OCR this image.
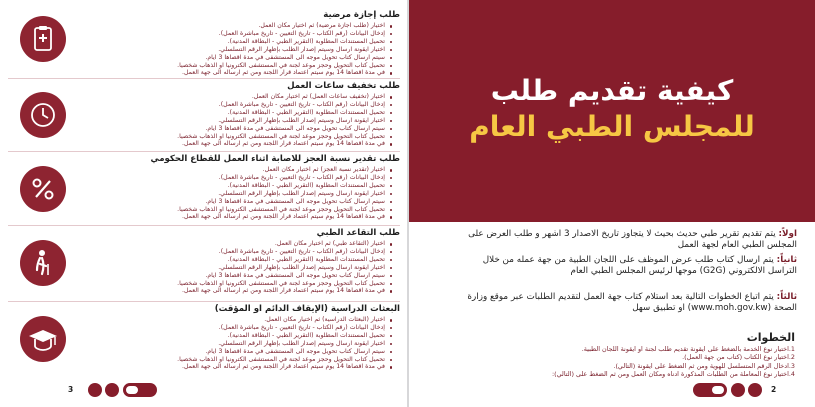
طلب إجازة مرضية
اختيار (طلب اجازة مرضية) ثم اختيار مكان العمل.
إدخال البيانات (رقم الكتاب - تاريخ التعيين - تاريخ مباشرة العمل).
تحميل المستندات المطلوبة (التقرير الطبي - البطاقة المدنية).
اختيار ايقونة ارسال وسيتم إصدار الطلب بإظهار الرقم التسلسلي.
سيتم ارسال كتاب تحويل موجه الى المستشفى في مدة اقصاها 3 ايام.
تحميل كتاب التحويل وحجز موعد لجنة في المستشفى الكترونيا او الذهاب شخصيا.
في مدة اقصاها 14 يوم سيتم اعتماد قرار اللجنة ومن ثم ارساله الى جهة العمل.
طلب تخفيف ساعات العمل
اختيار (تخفيف ساعات العمل) ثم اختيار مكان العمل.
إدخال البيانات (رقم الكتاب - تاريخ التعيين - تاريخ مباشرة العمل).
تحميل المستندات المطلوبة (التقرير الطبي - البطاقة المدنية).
اختيار ايقونة ارسال وسيتم إصدار الطلب بإظهار الرقم التسلسلي.
سيتم ارسال كتاب تحويل موجه الى المستشفى في مدة اقصاها 3 ايام.
تحميل كتاب التحويل وحجز موعد لجنة في المستشفى الكترونيا او الذهاب شخصيا.
في مدة اقصاها 14 يوم سيتم اعتماد قرار اللجنة ومن ثم ارساله الى جهة العمل.
طلب تقدير نسبة العجز للاصابة اثناء العمل للقطاع الحكومي
اختيار (تقدير نسبة العجز) ثم اختيار مكان العمل.
إدخال البيانات (رقم الكتاب - تاريخ التعيين - تاريخ مباشرة العمل).
تحميل المستندات المطلوبة (التقرير الطبي - البطاقة المدنية).
اختيار ايقونة ارسال وسيتم إصدار الطلب بإظهار الرقم التسلسلي.
سيتم ارسال كتاب تحويل موجه الى المستشفى في مدة اقصاها 3 ايام.
تحميل كتاب التحويل وحجز موعد لجنة في المستشفى الكترونيا او الذهاب شخصيا.
في مدة اقصاها 14 يوم سيتم اعتماد قرار اللجنة ومن ثم ارساله الى جهة العمل.
طلب التقاعد الطبي
اختيار (التقاعد طبي) ثم اختيار مكان العمل.
إدخال البيانات (رقم الكتاب - تاريخ التعيين - تاريخ مباشرة العمل).
تحميل المستندات المطلوبة (التقرير الطبي - البطاقة المدنية).
اختيار ايقونة ارسال وسيتم إصدار الطلب بإظهار الرقم التسلسلي.
سيتم ارسال كتاب تحويل موجه الى المستشفى في مدة اقصاها 3 ايام.
تحميل كتاب التحويل وحجز موعد لجنة في المستشفى الكترونيا او الذهاب شخصيا.
في مدة اقصاها 14 يوم سيتم اعتماد قرار اللجنة ومن ثم ارساله الى جهة العمل.
البعثات الدراسية (الإيقاف الدائم او المؤقت)
اختيار (البعثات الدراسية) ثم اختيار مكان العمل.
إدخال البيانات (رقم الكتاب - تاريخ التعيين - تاريخ مباشرة العمل).
تحميل المستندات المطلوبة (التقرير الطبي - البطاقة المدنية).
اختيار ايقونة ارسال وسيتم إصدار الطلب بإظهار الرقم التسلسلي.
سيتم ارسال كتاب تحويل موجه الى المستشفى في مدة اقصاها 3 ايام.
تحميل كتاب التحويل وحجز موعد لجنة في المستشفى الكترونيا او الذهاب شخصيا.
في مدة اقصاها 14 يوم سيتم اعتماد قرار اللجنة ومن ثم ارساله الى جهة العمل.
3
كيفية تقديم طلب
للمجلس الطبي العام
اولاً: يتم تقديم تقرير طبي حديث بحيث لا يتجاوز تاريخ الاصدار 3 اشهر و طلب العرض على المجلس الطبي العام لجهة العمل
ثانياً: يتم ارسال كتاب طلب عرض الموظف على اللجان الطبية من جهة عمله من خلال التراسل الالكتروني (G2G) موجها لرئيس المجلس الطبي العام
ثالثاً: يتم اتباع الخطوات التالية بعد استلام كتاب جهة العمل لتقديم الطلبات عبر موقع وزارة الصحة (www.moh.gov.kw) او تطبيق سهل
الخطوات
1.اختيار نوع الخدمة بالضغط على ايقونة تقديم طلب لجنة او ايقونة اللجان الطبية.
2.اختيار نوع الكتاب (كتاب من جهة العمل).
3.ادخال الرقم المتسلسل للهوية ومن ثم الضغط على ايقونة (التالي).
4.اختيار نوع المعاملة من الطلبات المذكورة ادناه ومكان العمل ومن ثم الضغط على (التالي):
2
